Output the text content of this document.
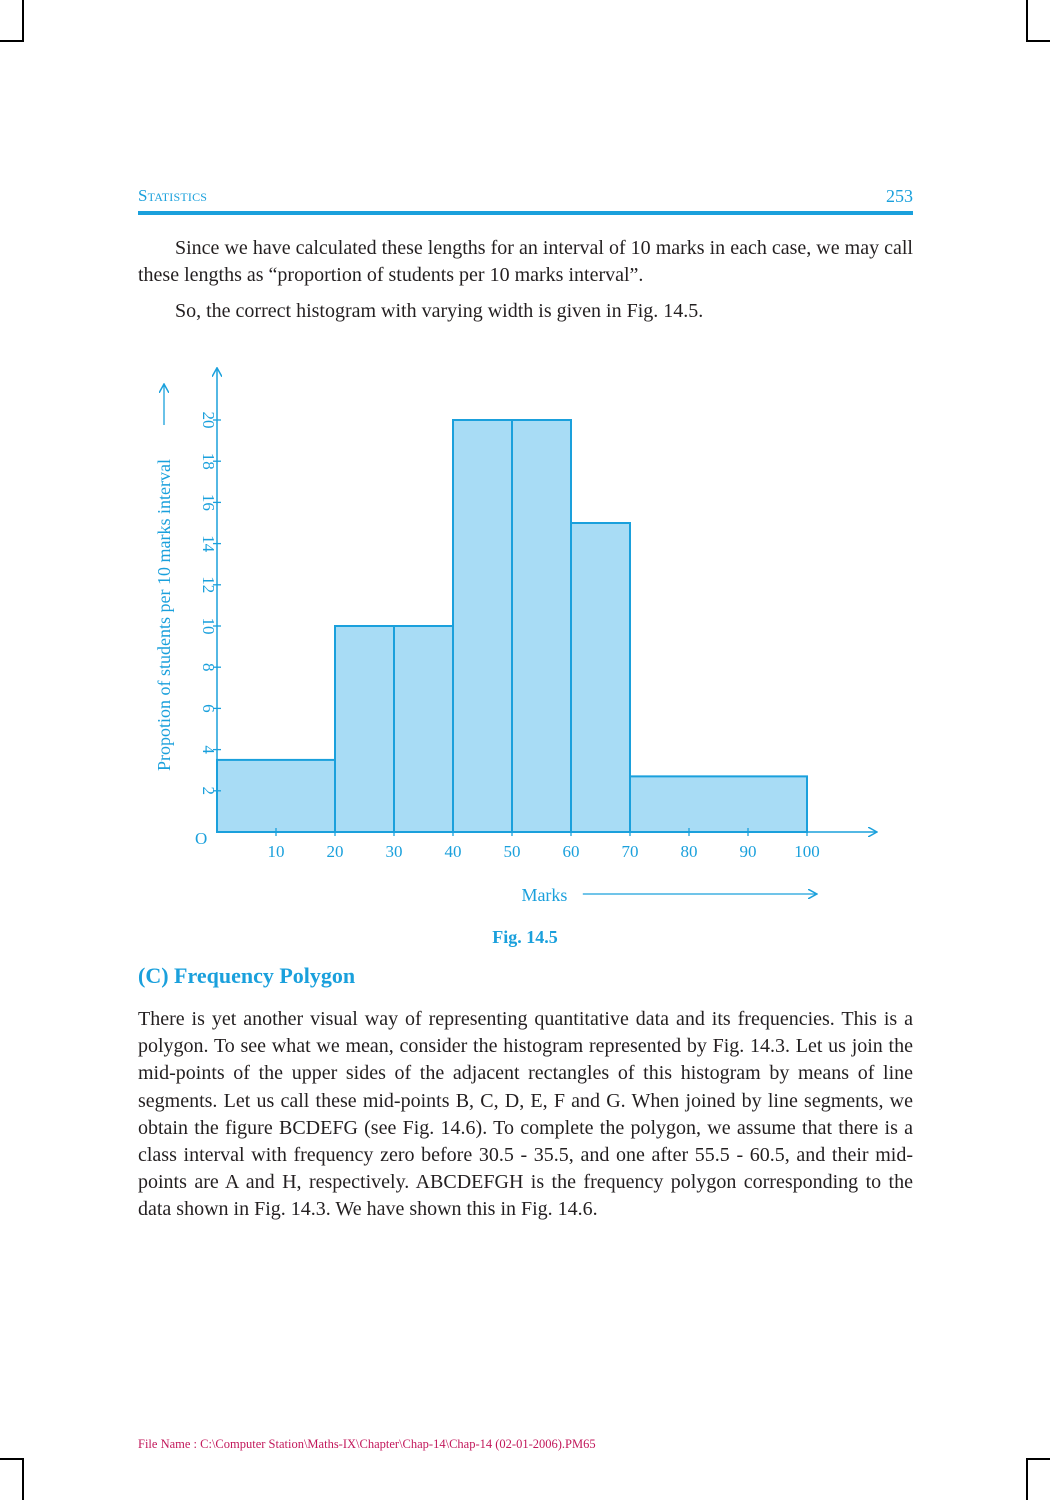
Statistics	253
Since we have calculated these lengths for an interval of 10 marks in each case, we may call these lengths as “proportion of students per 10 marks interval”.
So, the correct histogram with varying width is given in Fig. 14.5.
10 20 30 40 50 60 70 80 90 100
2
4
6
8
10
12
14
16
18
20
O
Marks
Propotion of students per 10 marks interval
Fig. 14.5
(C) Frequency Polygon
There is yet another visual way of representing quantitative data and its frequencies. This is a polygon. To see what we mean, consider the histogram represented by Fig. 14.3. Let us join the mid-points of the upper sides of the adjacent rectangles of this histogram by means of line segments. Let us call these mid-points B, C, D, E, F and G. When joined by line segments, we obtain the figure BCDEFG (see Fig. 14.6). To complete the polygon, we assume that there is a class interval with frequency zero before 30.5 - 35.5, and one after 55.5 - 60.5, and their mid-points are A and H, respectively. ABCDEFGH is the frequency polygon corresponding to the data shown in Fig. 14.3. We have shown this in Fig. 14.6.
File Name : C:\Computer Station\Maths-IX\Chapter\Chap-14\Chap-14 (02-01-2006).PM65
